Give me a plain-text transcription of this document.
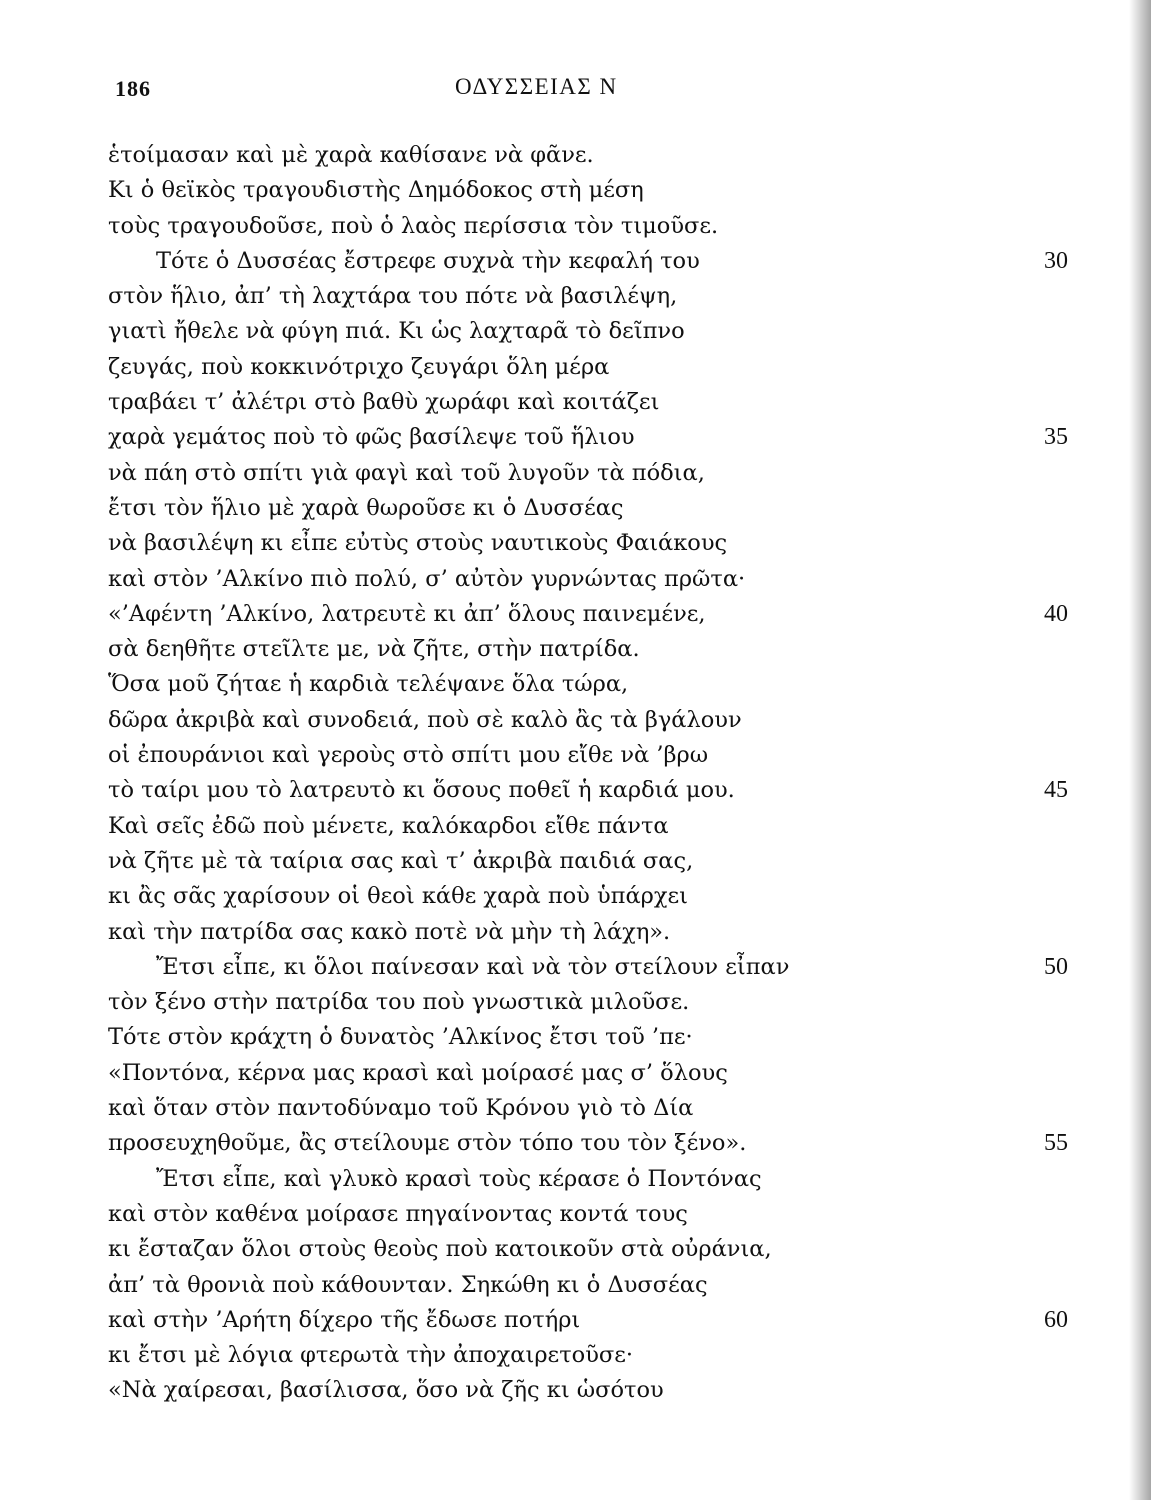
186	ΟΔΥΣΣΕΙΑΣ Ν
ἑτοίμασαν καὶ μὲ χαρὰ καθίσανε νὰ φᾶνε.
Κι ὁ θεϊκὸς τραγουδιστὴς Δημόδοκος στὴ μέση
τοὺς τραγουδοῦσε, ποὺ ὁ λαὸς περίσσια τὸν τιμοῦσε.
Τότε ὁ Δυσσέας ἔστρεφε συχνὰ τὴν κεφαλή του	30
στὸν ἥλιο, ἀπ’ τὴ λαχτάρα του πότε νὰ βασιλέψη,
γιατὶ ἤθελε νὰ φύγη πιά. Κι ὡς λαχταρᾶ τὸ δεῖπνο
ζευγάς, ποὺ κοκκινότριχο ζευγάρι ὅλη μέρα
τραβάει τ’ ἀλέτρι στὸ βαθὺ χωράφι καὶ κοιτάζει
χαρὰ γεμάτος ποὺ τὸ φῶς βασίλεψε τοῦ ἥλιου	35
νὰ πάη στὸ σπίτι γιὰ φαγὶ καὶ τοῦ λυγοῦν τὰ πόδια,
ἔτσι τὸν ἥλιο μὲ χαρὰ θωροῦσε κι ὁ Δυσσέας
νὰ βασιλέψη κι εἶπε εὐτὺς στοὺς ναυτικοὺς Φαιάκους
καὶ στὸν ’Αλκίνο πιὸ πολύ, σ’ αὐτὸν γυρνώντας πρῶτα·
«’Αφέντη ’Αλκίνο, λατρευτὲ κι ἀπ’ ὅλους παινεμένε,	40
σὰ δεηθῆτε στεῖλτε με, νὰ ζῆτε, στὴν πατρίδα.
Ὅσα μοῦ ζήταε ἡ καρδιὰ τελέψανε ὅλα τώρα,
δῶρα ἀκριβὰ καὶ συνοδειά, ποὺ σὲ καλὸ ἂς τὰ βγάλουν
οἱ ἐπουράνιοι καὶ γεροὺς στὸ σπίτι μου εἴθε νὰ ’βρω
τὸ ταίρι μου τὸ λατρευτὸ κι ὅσους ποθεῖ ἡ καρδιά μου.	45
Καὶ σεῖς ἐδῶ ποὺ μένετε, καλόκαρδοι εἴθε πάντα
νὰ ζῆτε μὲ τὰ ταίρια σας καὶ τ’ ἀκριβὰ παιδιά σας,
κι ἂς σᾶς χαρίσουν οἱ θεοὶ κάθε χαρὰ ποὺ ὑπάρχει
καὶ τὴν πατρίδα σας κακὸ ποτὲ νὰ μὴν τὴ λάχη».
Ἔτσι εἶπε, κι ὅλοι παίνεσαν καὶ νὰ τὸν στείλουν εἶπαν	50
τὸν ξένο στὴν πατρίδα του ποὺ γνωστικὰ μιλοῦσε.
Τότε στὸν κράχτη ὁ δυνατὸς ’Αλκίνος ἔτσι τοῦ ’πε·
«Ποντόνα, κέρνα μας κρασὶ καὶ μοίρασέ μας σ’ ὅλους
καὶ ὅταν στὸν παντοδύναμο τοῦ Κρόνου γιὸ τὸ Δία
προσευχηθοῦμε, ἂς στείλουμε στὸν τόπο του τὸν ξένο».	55
Ἔτσι εἶπε, καὶ γλυκὸ κρασὶ τοὺς κέρασε ὁ Ποντόνας
καὶ στὸν καθένα μοίρασε πηγαίνοντας κοντά τους
κι ἔσταζαν ὅλοι στοὺς θεοὺς ποὺ κατοικοῦν στὰ οὐράνια,
ἀπ’ τὰ θρονιὰ ποὺ κάθουνταν. Σηκώθη κι ὁ Δυσσέας
καὶ στὴν ’Αρήτη δίχερο τῆς ἔδωσε ποτήρι	60
κι ἔτσι μὲ λόγια φτερωτὰ τὴν ἀποχαιρετοῦσε·
«Νὰ χαίρεσαι, βασίλισσα, ὅσο νὰ ζῆς κι ὡσότου
